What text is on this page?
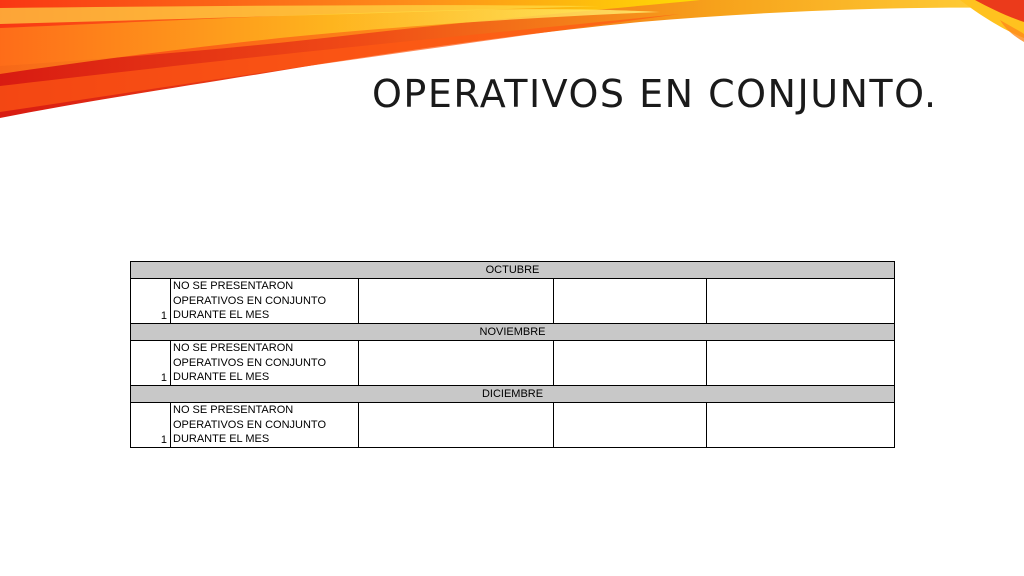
OPERATIVOS EN CONJUNTO.
OCTUBRE				
1	NO SE PRESENTARON OPERATIVOS EN CONJUNTO DURANTE EL MES			
NOVIEMBRE				
1	NO SE PRESENTARON OPERATIVOS EN CONJUNTO DURANTE EL MES			
DICIEMBRE				
1	NO SE PRESENTARON OPERATIVOS EN CONJUNTO DURANTE EL MES			
